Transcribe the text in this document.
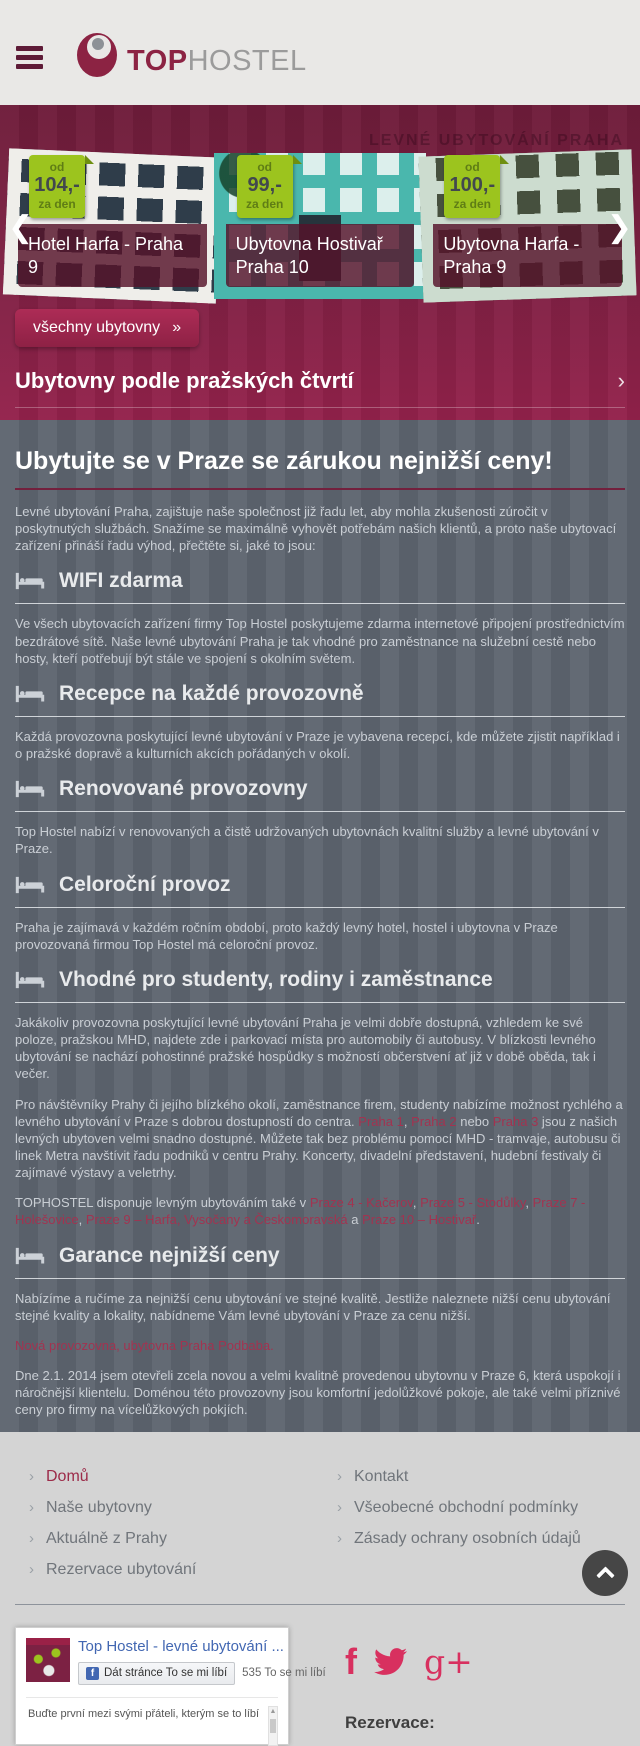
TOPHOSTEL
LEVNÉ UBYTOVÁNÍ PRAHA
❮	❯
od
104,-
za den
Hotel Harfa - Praha 9
od
99,-
za den
Ubytovna Hostivař Praha 10
od
100,-
za den
Ubytovna Harfa - Praha 9
všechny ubytovny »
Ubytovny podle pražských čtvrtí	›
Ubytujte se v Praze se zárukou nejnižší ceny!

Levné ubytování Praha, zajištuje naše společnost již řadu let, aby mohla zkušenosti zúročit v poskytnutých službách. Snažíme se maximálně vyhovět potřebám našich klientů, a proto naše ubytovací zařízení přináší řadu výhod, přečtěte si, jaké to jsou:

WIFI zdarma

Ve všech ubytovacích zařízení firmy Top Hostel poskytujeme zdarma internetové připojení prostřednictvím bezdrátové sítě. Naše levné ubytování Praha je tak vhodné pro zaměstnance na služební cestě nebo hosty, kteří potřebují být stále ve spojení s okolním světem.

Recepce na každé provozovně

Každá provozovna poskytující levné ubytování v Praze je vybavena recepcí, kde můžete zjistit například i o pražské dopravě a kulturních akcích pořádaných v okolí.

Renovované provozovny

Top Hostel nabízí v renovovaných a čistě udržovaných ubytovnách kvalitní služby a levné ubytování v Praze.

Celoroční provoz

Praha je zajímavá v každém ročním období, proto každý levný hotel, hostel i ubytovna v Praze provozovaná firmou Top Hostel má celoroční provoz.

Vhodné pro studenty, rodiny i zaměstnance

Jakákoliv provozovna poskytující levné ubytování Praha je velmi dobře dostupná, vzhledem ke své poloze, pražskou MHD, najdete zde i parkovací místa pro automobily či autobusy. V blízkosti levného ubytování se nachází pohostinné pražské hospůdky s možností občerstvení ať již v době oběda, tak i večer.

Pro návštěvníky Prahy či jejího blízkého okolí, zaměstnance firem, studenty nabízíme možnost rychlého a levného ubytování v Praze s dobrou dostupností do centra. Praha 1, Praha 2 nebo Praha 3 jsou z našich levných ubytoven velmi snadno dostupné. Můžete tak bez problému pomocí MHD - tramvaje, autobusu či linek Metra navštívit řadu podniků v centru Prahy. Koncerty, divadelní představení, hudební festivaly či zajímavé výstavy a veletrhy.

TOPHOSTEL disponuje levným ubytováním také v Praze 4 - Kačerov, Praze 5 - Stodůlky, Praze 7 - Holešovice, Praze 9 – Harfa, Vysočany a Českomoravská a Praze 10 – Hostivař.

Garance nejnižší ceny

Nabízíme a ručíme za nejnižší cenu ubytování ve stejné kvalitě. Jestliže naleznete nižší cenu ubytování stejné kvality a lokality, nabídneme Vám levné ubytování v Praze za cenu nižší.

Nová provozovna, ubytovna Praha Podbaba.

Dne 2.1. 2014 jsem otevřeli zcela novou a velmi kvalitně provedenou ubytovnu v Praze 6, která uspokojí i náročnější klientelu. Doménou této provozovny jsou komfortní jedolůžkové pokoje, ale také velmi příznivé ceny pro firmy na vícelůžkových pokjích.

› Domů
› Naše ubytovny
› Aktuálně z Prahy
› Rezervace ubytování
› Kontakt
› Všeobecné obchodní podmínky
› Zásady ochrany osobních údajů
Top Hostel - levné ubytování ...
f Dát stránce To se mi líbí 535 To se mi líbí
Buďte první mezi svými přáteli, kterým se to líbí ▲
f g+
Rezervace:
